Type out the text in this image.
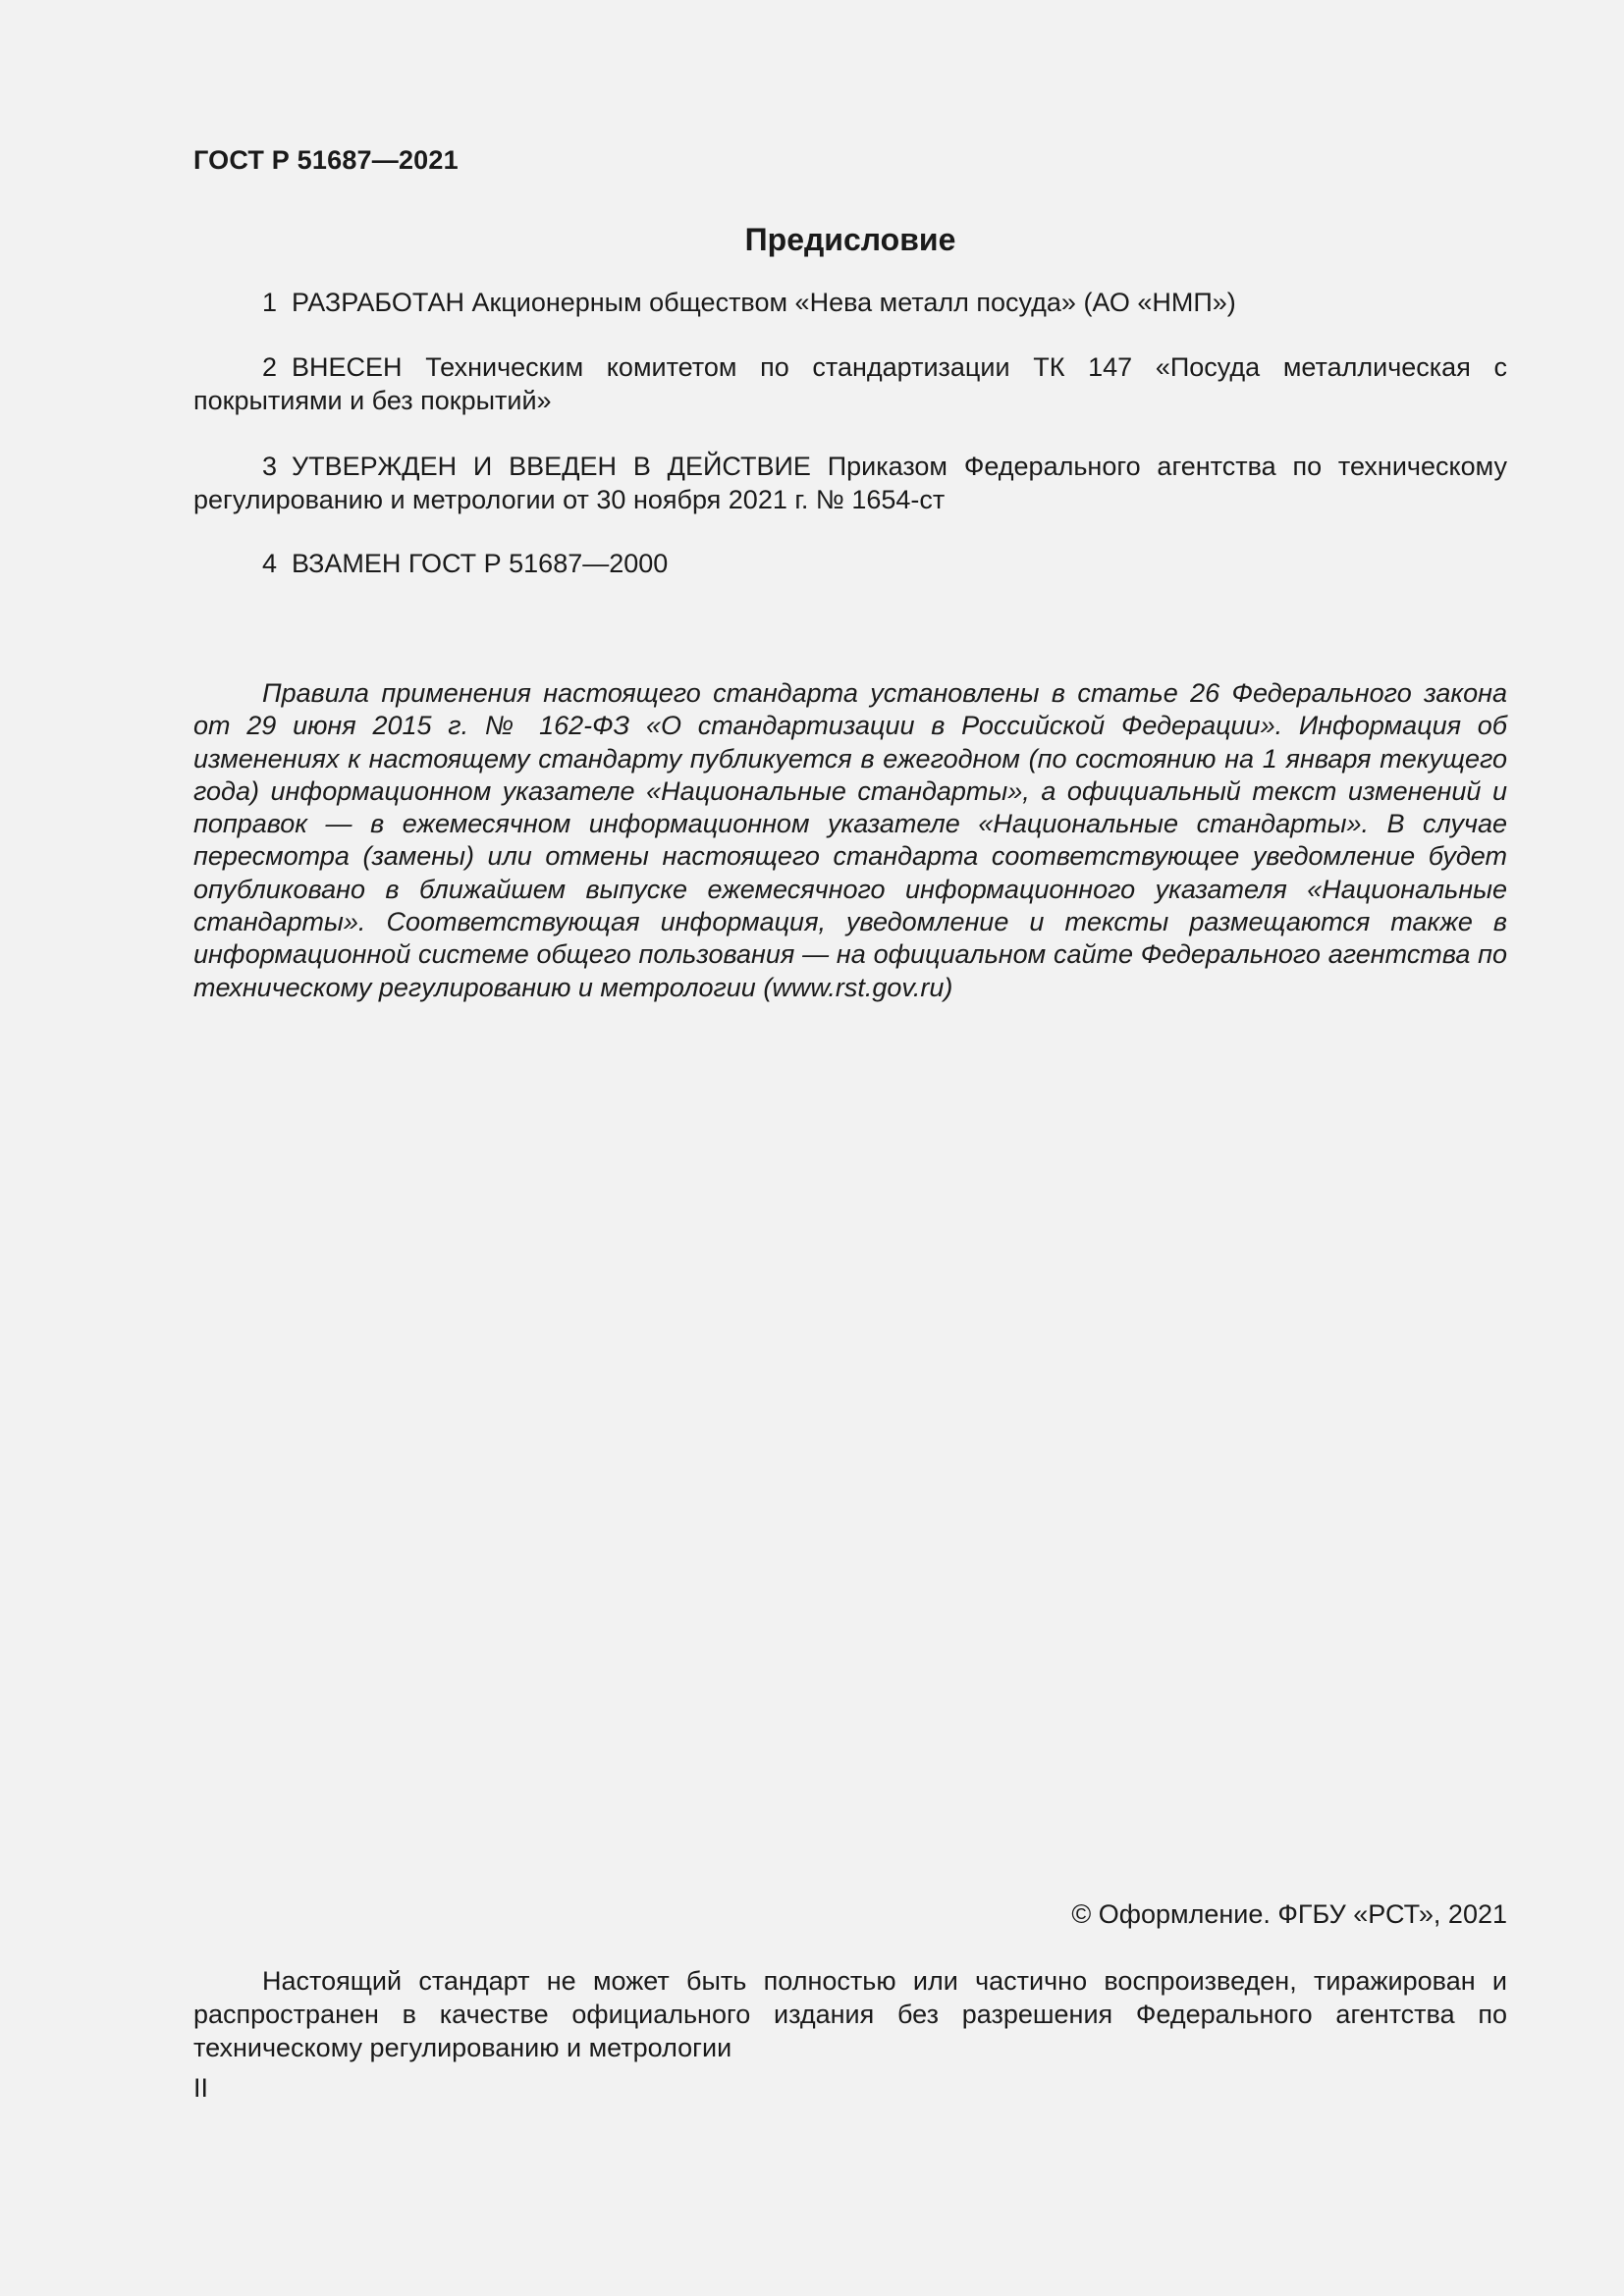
ГОСТ Р 51687—2021
Предисловие

1 РАЗРАБОТАН Акционерным обществом «Нева металл посуда» (АО «НМП»)

2 ВНЕСЕН Техническим комитетом по стандартизации ТК 147 «Посуда металлическая с покрытиями и без покрытий»

3 УТВЕРЖДЕН И ВВЕДЕН В ДЕЙСТВИЕ Приказом Федерального агентства по техническому регулированию и метрологии от 30 ноября 2021 г. № 1654-ст

4 ВЗАМЕН ГОСТ Р 51687—2000

Правила применения настоящего стандарта установлены в статье 26 Федерального закона от 29 июня 2015 г. № 162-ФЗ «О стандартизации в Российской Федерации». Информация об изменениях к настоящему стандарту публикуется в ежегодном (по состоянию на 1 января текущего года) информационном указателе «Национальные стандарты», а официальный текст изменений и поправок — в ежемесячном информационном указателе «Национальные стандарты». В случае пересмотра (замены) или отмены настоящего стандарта соответствующее уведомление будет опубликовано в ближайшем выпуске ежемесячного информационного указателя «Национальные стандарты». Соответствующая информация, уведомление и тексты размещаются также в информационной системе общего пользования — на официальном сайте Федерального агентства по техническому регулированию и метрологии (www.rst.gov.ru)

© Оформление. ФГБУ «РСТ», 2021

Настоящий стандарт не может быть полностью или частично воспроизведен, тиражирован и распространен в качестве официального издания без разрешения Федерального агентства по техническому регулированию и метрологии

II
